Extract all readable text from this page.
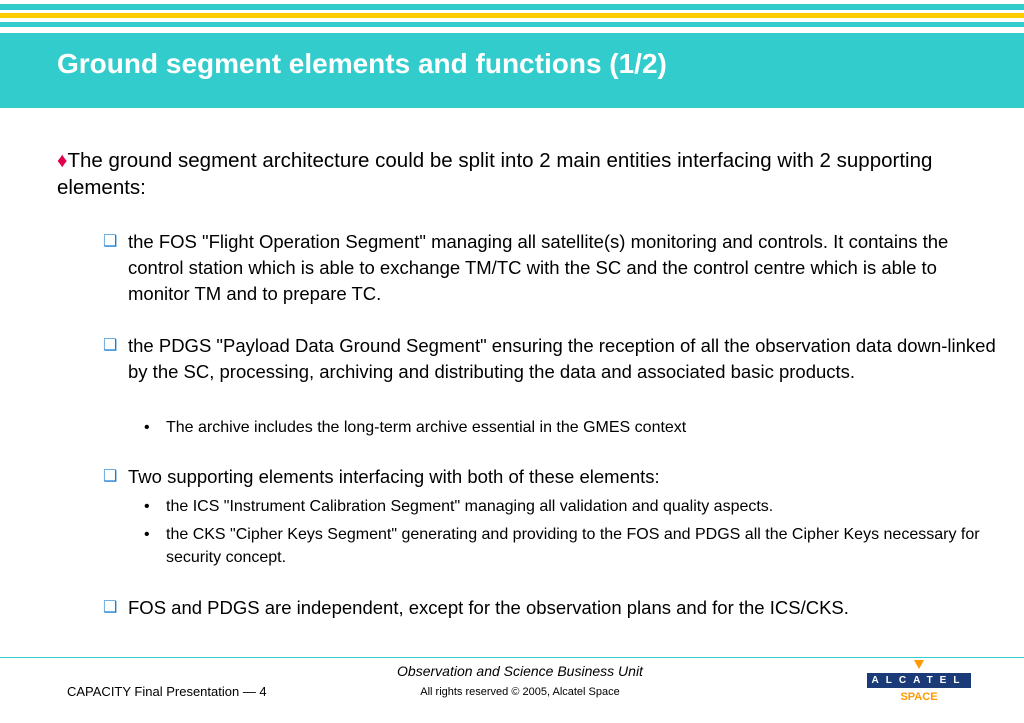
Ground segment elements and functions (1/2)

♦The ground segment architecture could be split into 2 main entities interfacing with 2 supporting elements:

❑ the FOS "Flight Operation Segment" managing all satellite(s) monitoring and controls. It contains the control station which is able to exchange TM/TC with the SC and the control centre which is able to monitor TM and to prepare TC.

❑ the PDGS "Payload Data Ground Segment" ensuring the reception of all the observation data down-linked by the SC, processing, archiving and distributing the data and associated basic products.

• The archive includes the long-term archive essential in the GMES context

❑ Two supporting elements interfacing with both of these elements:

• the ICS "Instrument Calibration Segment" managing all validation and quality aspects.

• the CKS "Cipher Keys Segment" generating and providing to the FOS and PDGS all the Cipher Keys necessary for security concept.

❑ FOS and PDGS are independent, except for the observation plans and for the ICS/CKS.

Observation and Science Business Unit
CAPACITY Final Presentation — 4	All rights reserved © 2005, Alcatel Space
ALCATEL
SPACE
